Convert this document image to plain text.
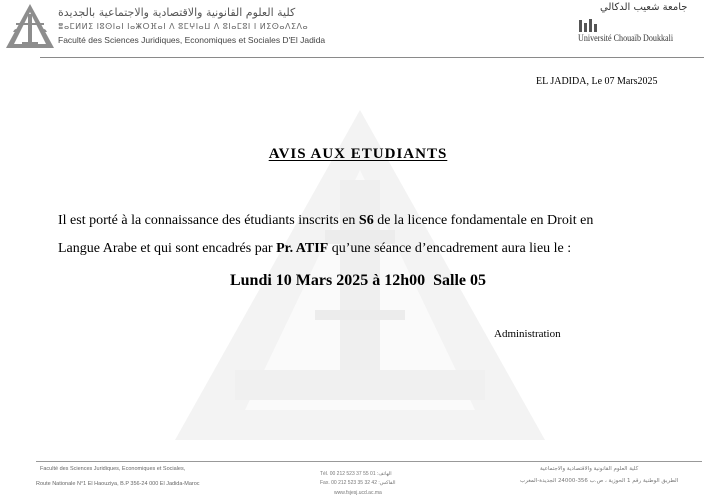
كلية العلوم القانونية والاقتصادية والاجتماعية بالجديدة
ⴻⴰⵎⵍⵍⵉ ⵏⵓⵙⵏⴰⵏ ⵏⴰⵥⵔⴼⴰⵏ ⴷ ⵓⵎⵖⵏⴰⵡ ⴷ ⵓⵏⴰⵎⵓⵏ ⵏ ⵍⵉⵙⴰⴷⵉⴷⴰ
Faculté des Sciences Juridiques, Economiques et Sociales D'El Jadida
جامعة شعيب الدكالي
Université Chouaïb Doukkali
EL JADIDA, Le 07 Mars2025
AVIS AUX ETUDIANTS
Il est porté à la connaissance des étudiants inscrits en S6 de la licence fondamentale en Droit en
Langue Arabe et qui sont encadrés par Pr. ATIF qu’une séance d’encadrement aura lieu le :
Lundi 10 Mars 2025 à 12h00  Salle 05
Administration
Faculté des Sciences Juridiques, Economiques et Sociales,
Route Nationale N°1 El Haouziya, B.P 356-24 000 El Jadida-Maroc
Tél. 00 212 523 37 55 01 :الهاتف
Fax. 00 212 523 35 32 42 :الفاكس
www.fsjesj.ucd.ac.ma
كلية العلوم القانونية والاقتصادية والاجتماعية
الطريق الوطنية رقم 1 الحوزية ، ص.ب 356-24000 الجديدة-المغرب
